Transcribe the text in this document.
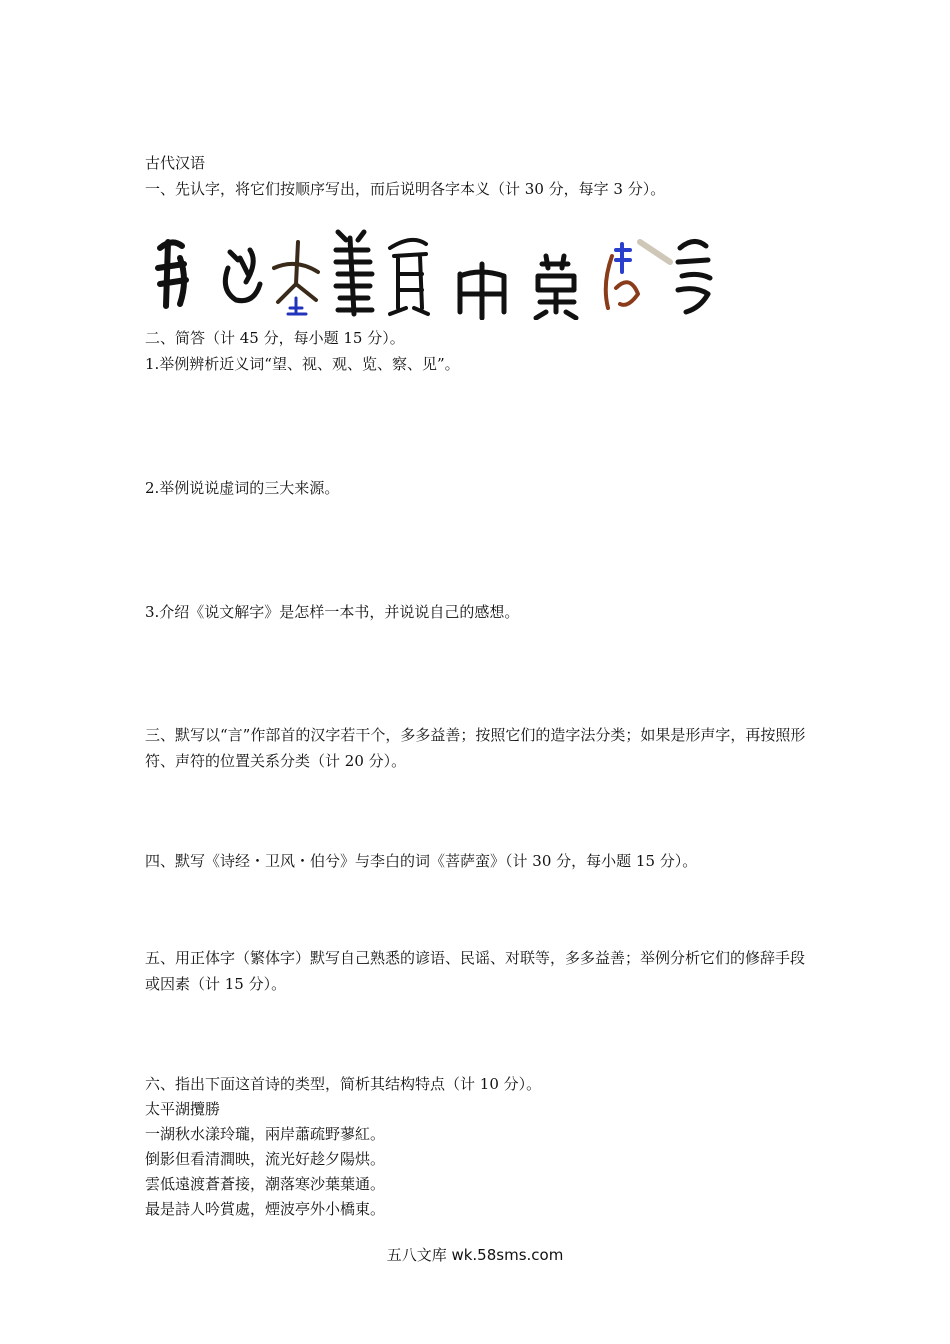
古代汉语
一、先认字，将它们按顺序写出，而后说明各字本义（计 30 分，每字 3 分）。
二、简答（计 45 分，每小题 15 分）。
1.举例辨析近义词“望、视、观、览、察、见”。
2.举例说说虚词的三大来源。
3.介绍《说文解字》是怎样一本书，并说说自己的感想。
三、默写以“言”作部首的汉字若干个，多多益善；按照它们的造字法分类；如果是形声字，再按照形符、声符的位置关系分类（计 20 分）。
四、默写《诗经・卫风・伯兮》与李白的词《菩萨蛮》（计 30 分，每小题 15 分）。
五、用正体字（繁体字）默写自己熟悉的谚语、民谣、对联等，多多益善；举例分析它们的修辞手段或因素（计 15 分）。
六、指出下面这首诗的类型，简析其结构特点（计 10 分）。
太平湖攬勝
一湖秋水漾玲瓏，兩岸蕭疏野蓼紅。
倒影但看清澗映，流光好趁夕陽烘。
雲低遠渡蒼蒼接，潮落寒沙葉葉通。
最是詩人吟賞處，煙波亭外小橋東。
五八文库 wk.58sms.com
